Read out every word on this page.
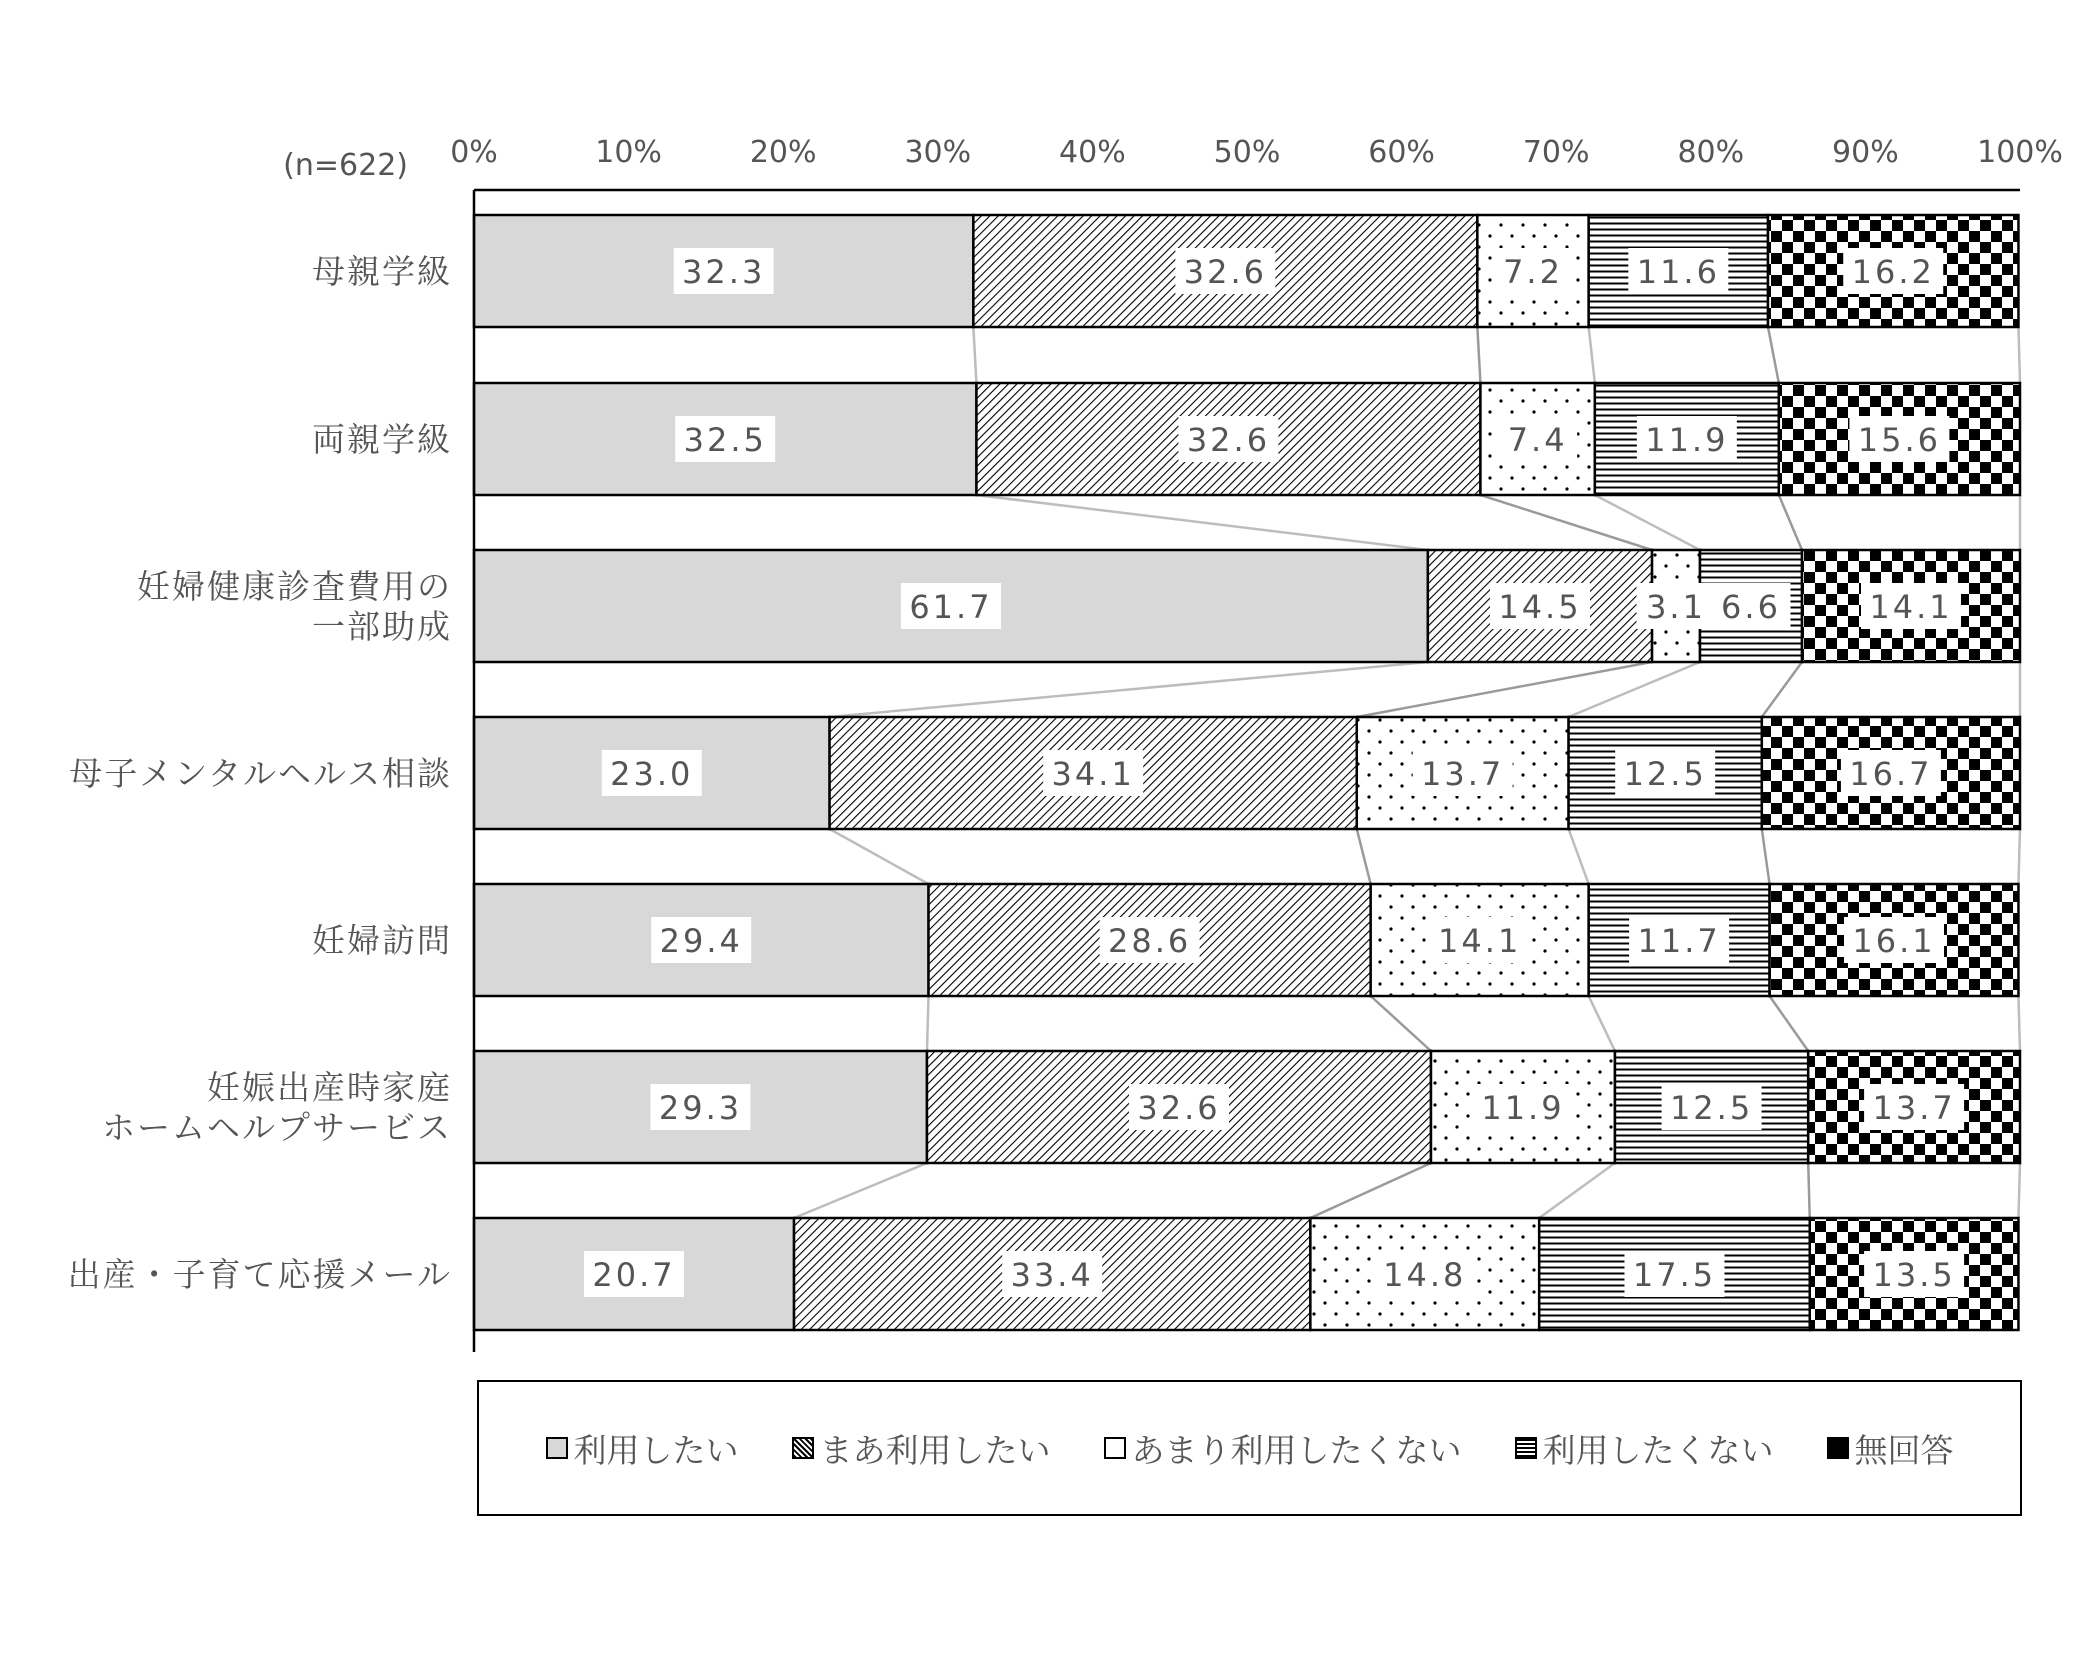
32.3	32.6	7.2 11.6	16.2
母親学級
32.5	32.6	7.4 11.9	15.6
両親学級
61.7	14.5 3.1 6.6	14.1
妊婦健康診査費用の
一部助成
23.0	34.1	13.7	12.5	16.7
母子メンタルヘルス相談
29.4	28.6	14.1	11.7	16.1
妊婦訪問
29.3	32.6	11.9	12.5	13.7
妊娠出産時家庭
ホームヘルプサービス
20.7	33.4	14.8	17.5	13.5
出産・子育て応援メール
0%	10%	20%	30%	40%	50%	60%	70%	80%	90%	100%
(n=622)
利用したい まあ利用したい あまり利用したくない 利用したくない 無回答
